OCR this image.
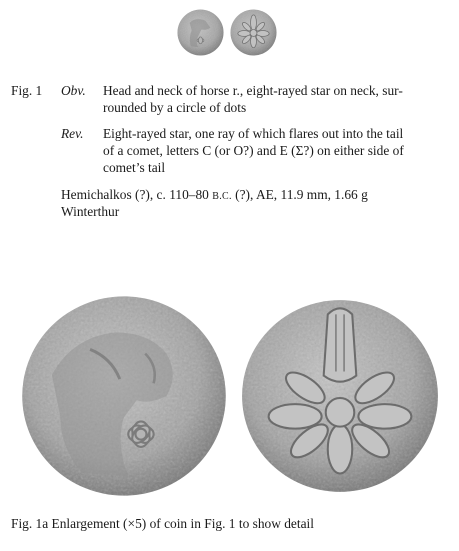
Fig. 1 Obv. Head and neck of horse r., eight-rayed star on neck, sur-
rounded by a circle of dots
Rev. Eight-rayed star, one ray of which flares out into the tail
of a comet, letters Ϲ (or O?) and E (Σ?) on either side of
comet’s tail
Hemichalkos (?), c. 110–80 B.C. (?), AE, 11.9 mm, 1.66 g
Winterthur
Fig. 1a Enlargement (×5) of coin in Fig. 1 to show detail
